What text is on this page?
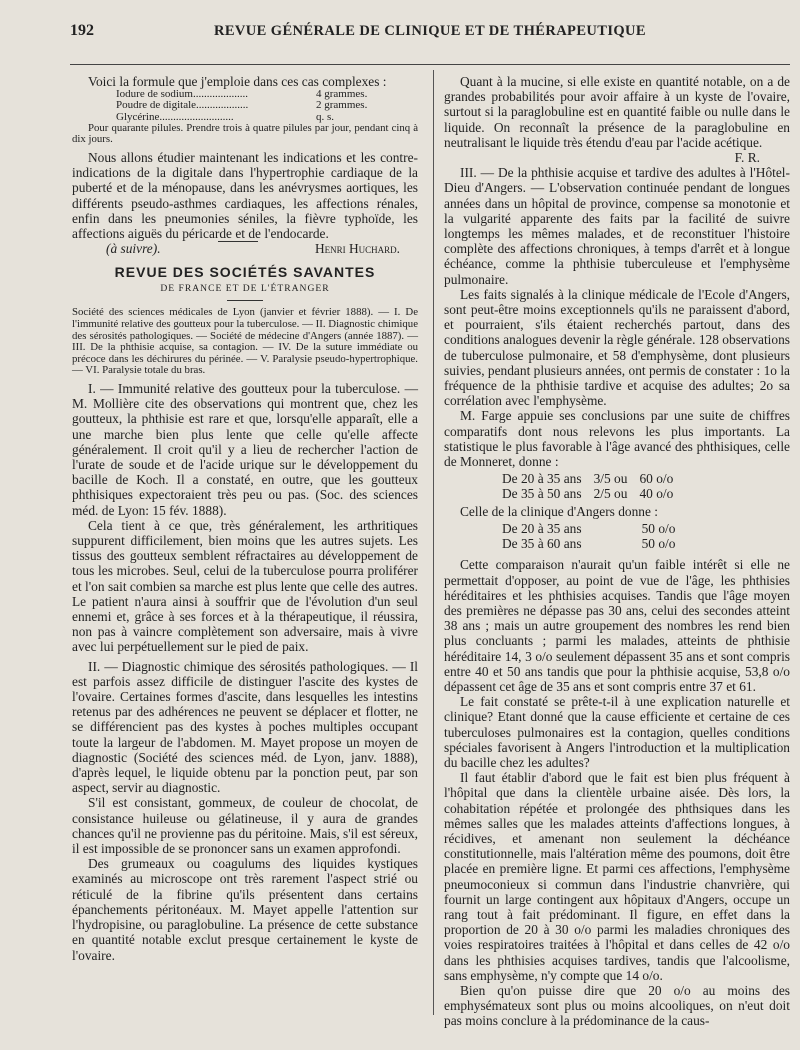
192	REVUE GÉNÉRALE DE CLINIQUE ET DE THÉRAPEUTIQUE

Voici la formule que j'emploie dans ces cas complexes :

Iodure de sodium....................	4 grammes.
Poudre de digitale...................	2 grammes.
Glycérine...........................	q. s.

Pour quarante pilules. Prendre trois à quatre pilules par jour, pendant cinq à dix jours.

Nous allons étudier maintenant les indications et les contre-indications de la digitale dans l'hypertrophie cardiaque de la puberté et de la ménopause, dans les anévrysmes aortiques, les différents pseudo-asthmes cardiaques, les affections rénales, enfin dans les pneumonies séniles, la fièvre typhoïde, les affections aiguës du péricarde et de l'endocarde.

(à suivre).	Henri Huchard.
REVUE DES SOCIÉTÉS SAVANTES
DE FRANCE ET DE L'ÉTRANGER

Société des sciences médicales de Lyon (janvier et février 1888). — I. De l'immunité relative des goutteux pour la tuberculose. — II. Diagnostic chimique des sérosités pathologiques. — Société de médecine d'Angers (année 1887). — III. De la phthisie acquise, sa contagion. — IV. De la suture immédiate ou précoce dans les déchirures du périnée. — V. Paralysie pseudo-hypertrophique. — VI. Paralysie totale du bras.

I. — Immunité relative des goutteux pour la tuberculose. — M. Mollière cite des observations qui montrent que, chez les goutteux, la phthisie est rare et que, lorsqu'elle apparaît, elle a une marche bien plus lente que celle qu'elle affecte généralement. Il croit qu'il y a lieu de rechercher l'action de l'urate de soude et de l'acide urique sur le développement du bacille de Koch. Il a constaté, en outre, que les goutteux phthisiques expectoraient très peu ou pas. (Soc. des sciences méd. de Lyon: 15 fév. 1888).

Cela tient à ce que, très généralement, les arthritiques suppurent difficilement, bien moins que les autres sujets. Les tissus des goutteux semblent réfractaires au développement de tous les microbes. Seul, celui de la tuberculose pourra proliférer et l'on sait combien sa marche est plus lente que celle des autres. Le patient n'aura ainsi à souffrir que de l'évolution d'un seul ennemi et, grâce à ses forces et à la thérapeutique, il réussira, non pas à vaincre complètement son adversaire, mais à vivre avec lui perpétuellement sur le pied de paix.

II. — Diagnostic chimique des sérosités pathologiques. — Il est parfois assez difficile de distinguer l'ascite des kystes de l'ovaire. Certaines formes d'ascite, dans lesquelles les intestins retenus par des adhérences ne peuvent se déplacer et flotter, ne se différencient pas des kystes à poches multiples occupant toute la largeur de l'abdomen. M. Mayet propose un moyen de diagnostic (Société des sciences méd. de Lyon, janv. 1888), d'après lequel, le liquide obtenu par la ponction peut, par son aspect, servir au diagnostic.

S'il est consistant, gommeux, de couleur de chocolat, de consistance huileuse ou gélatineuse, il y aura de grandes chances qu'il ne provienne pas du péritoine. Mais, s'il est séreux, il est impossible de se prononcer sans un examen approfondi.

Des grumeaux ou coagulums des liquides kystiques examinés au microscope ont très rarement l'aspect strié ou réticulé de la fibrine qu'ils présentent dans certains épanchements péritonéaux. M. Mayet appelle l'attention sur l'hydropisine, ou paraglobuline. La présence de cette substance en quantité notable exclut presque certainement le kyste de l'ovaire.

Quant à la mucine, si elle existe en quantité notable, on a de grandes probabilités pour avoir affaire à un kyste de l'ovaire, surtout si la paraglobuline est en quantité faible ou nulle dans le liquide. On reconnaît la présence de la paraglobuline en neutralisant le liquide très étendu d'eau par l'acide acétique.

F. R.

III. — De la phthisie acquise et tardive des adultes à l'Hôtel-Dieu d'Angers. — L'observation continuée pendant de longues années dans un hôpital de province, compense sa monotonie et la vulgarité apparente des faits par la facilité de suivre longtemps les mêmes malades, et de reconstituer l'histoire complète des affections chroniques, à temps d'arrêt et à longue échéance, comme la phthisie tuberculeuse et l'emphysème pulmonaire.

Les faits signalés à la clinique médicale de l'Ecole d'Angers, sont peut-être moins exceptionnels qu'ils ne paraissent d'abord, et pourraient, s'ils étaient recherchés partout, dans des conditions analogues devenir la règle générale. 128 observations de tuberculose pulmonaire, et 58 d'emphysème, dont plusieurs suivies, pendant plusieurs années, ont permis de constater : 1o la fréquence de la phthisie tardive et acquise des adultes; 2o sa corrélation avec l'emphysème.

M. Farge appuie ses conclusions par une suite de chiffres comparatifs dont nous relevons les plus importants. La statistique le plus favorable à l'âge avancé des phthisiques, celle de Monneret, donne :

De 20 à 35 ans	3/5 ou	60 o/o
De 35 à 50 ans	2/5 ou	40 o/o

Celle de la clinique d'Angers donne :

De 20 à 35 ans	50 o/o
De 35 à 60 ans	50 o/o

Cette comparaison n'aurait qu'un faible intérêt si elle ne permettait d'opposer, au point de vue de l'âge, les phthisies héréditaires et les phthisies acquises. Tandis que l'âge moyen des premières ne dépasse pas 30 ans, celui des secondes atteint 38 ans ; mais un autre groupement des nombres les rend bien plus concluants ; parmi les malades, atteints de phthisie héréditaire 14, 3 o/o seulement dépassent 35 ans et sont compris entre 40 et 50 ans tandis que pour la phthisie acquise, 53,8 o/o dépassent cet âge de 35 ans et sont compris entre 37 et 61.

Le fait constaté se prête-t-il à une explication naturelle et clinique? Etant donné que la cause efficiente et certaine de ces tuberculoses pulmonaires est la contagion, quelles conditions spéciales favorisent à Angers l'introduction et la multiplication du bacille chez les adultes?

Il faut établir d'abord que le fait est bien plus fréquent à l'hôpital que dans la clientèle urbaine aisée. Dès lors, la cohabitation répétée et prolongée des phthsiques dans les mêmes salles que les malades atteints d'affections longues, à récidives, et amenant non seulement la déchéance constitutionnelle, mais l'altération même des poumons, doit être placée en première ligne. Et parmi ces affections, l'emphysème pneumoconieux si commun dans l'industrie chanvrière, qui fournit un large contingent aux hôpitaux d'Angers, occupe un rang tout à fait prédominant. Il figure, en effet dans la proportion de 20 à 30 o/o parmi les maladies chroniques des voies respiratoires traitées à l'hôpital et dans celles de 42 o/o dans les phthisies acquises tardives, tandis que l'alcoolisme, sans emphysème, n'y compte que 14 o/o.

Bien qu'on puisse dire que 20 o/o au moins des emphysémateux sont plus ou moins alcooliques, on n'eut doit pas moins conclure à la prédominance de la caus-
